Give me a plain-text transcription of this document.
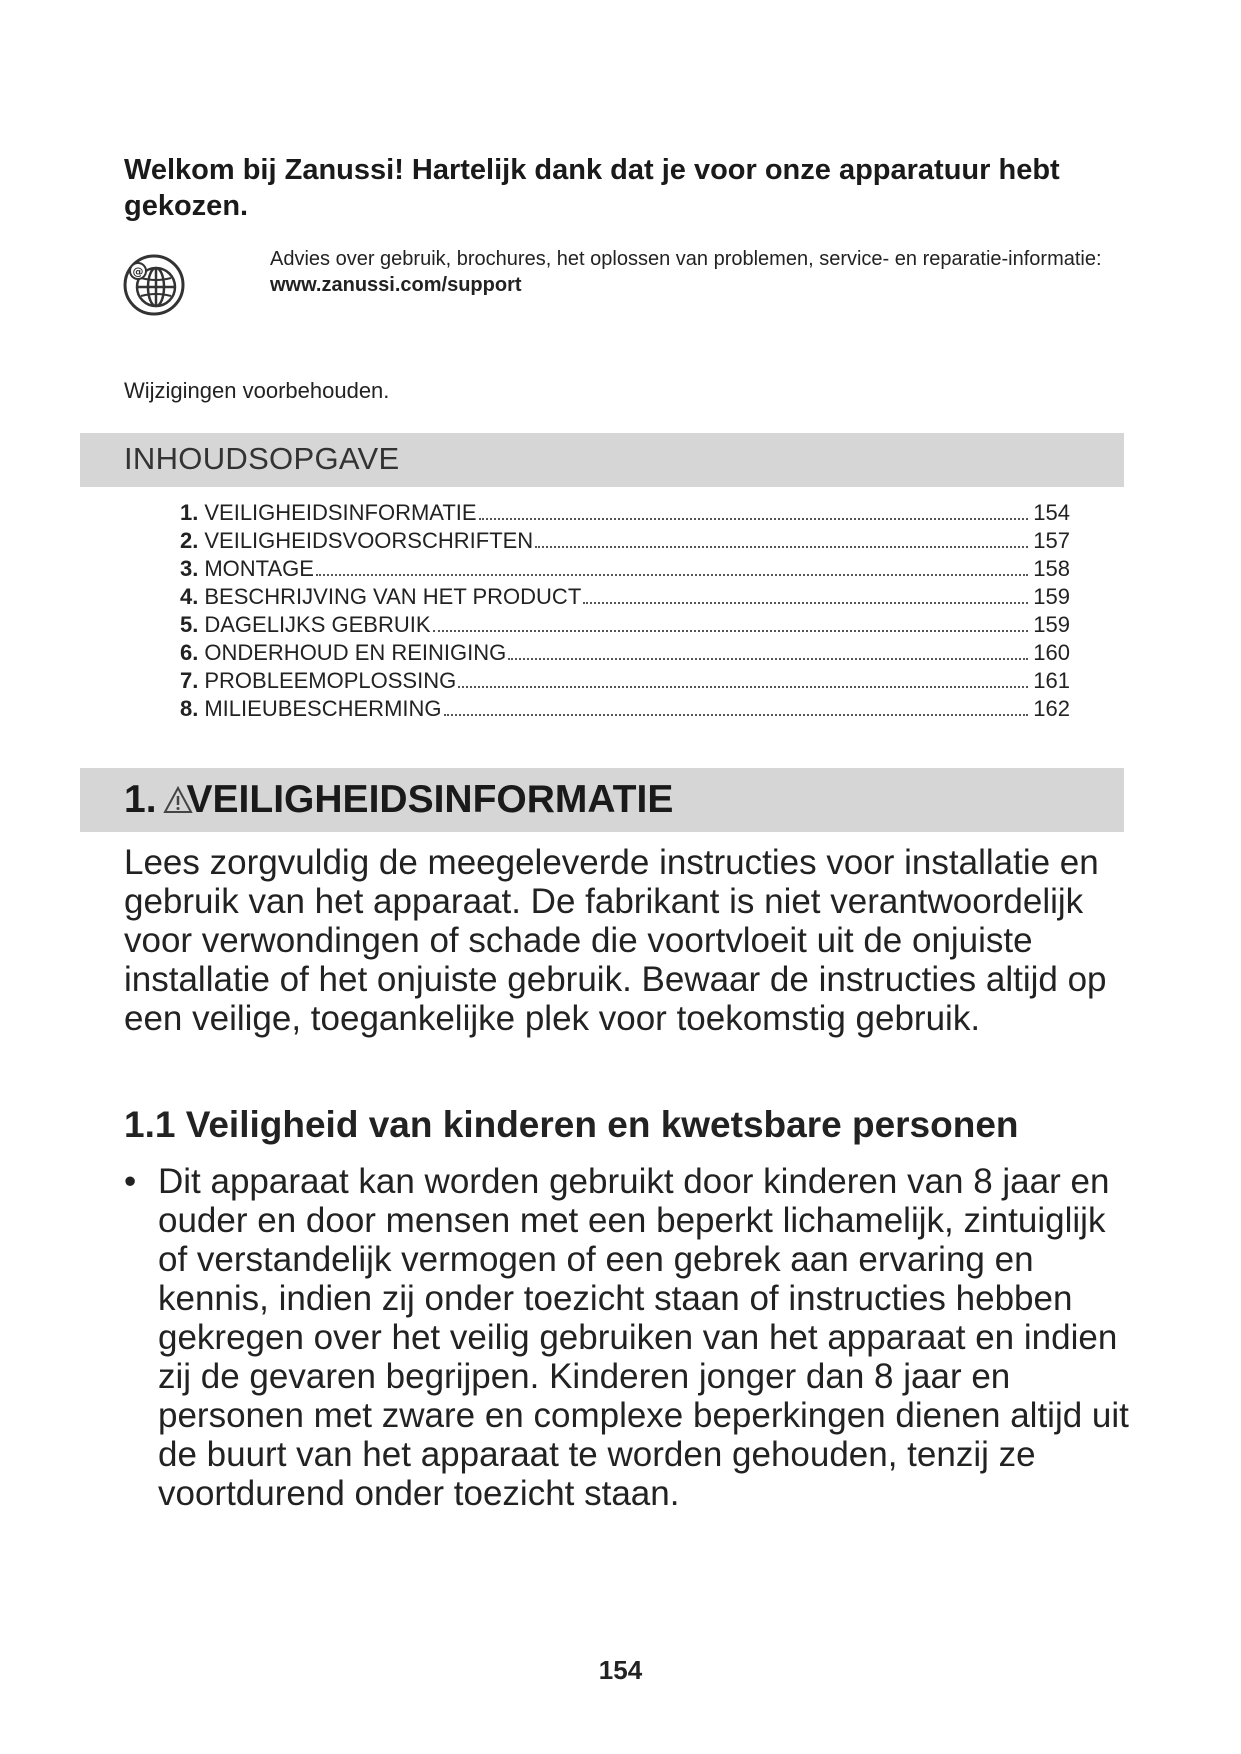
Welkom bij Zanussi! Hartelijk dank dat je voor onze apparatuur hebt gekozen.
@
Advies over gebruik, brochures, het oplossen van problemen, service- en reparatie-informatie:
www.zanussi.com/support
Wijzigingen voorbehouden.
INHOUDSOPGAVE
1. VEILIGHEIDSINFORMATIE	154
2. VEILIGHEIDSVOORSCHRIFTEN	157
3. MONTAGE	158
4. BESCHRIJVING VAN HET PRODUCT	159
5. DAGELIJKS GEBRUIK	159
6. ONDERHOUD EN REINIGING	160
7. PROBLEEMOPLOSSING	161
8. MILIEUBESCHERMING	162
1. VEILIGHEIDSINFORMATIE

Lees zorgvuldig de meegeleverde instructies voor installatie en gebruik van het apparaat. De fabrikant is niet verantwoordelijk voor verwondingen of schade die voortvloeit uit de onjuiste installatie of het onjuiste gebruik. Bewaar de instructies altijd op een veilige, toegankelijke plek voor toekomstig gebruik.

1.1 Veiligheid van kinderen en kwetsbare personen

• Dit apparaat kan worden gebruikt door kinderen van 8 jaar en ouder en door mensen met een beperkt lichamelijk, zintuiglijk of verstandelijk vermogen of een gebrek aan ervaring en kennis, indien zij onder toezicht staan of instructies hebben gekregen over het veilig gebruiken van het apparaat en indien zij de gevaren begrijpen. Kinderen jonger dan 8 jaar en personen met zware en complexe beperkingen dienen altijd uit de buurt van het apparaat te worden gehouden, tenzij ze voortdurend onder toezicht staan.

154
